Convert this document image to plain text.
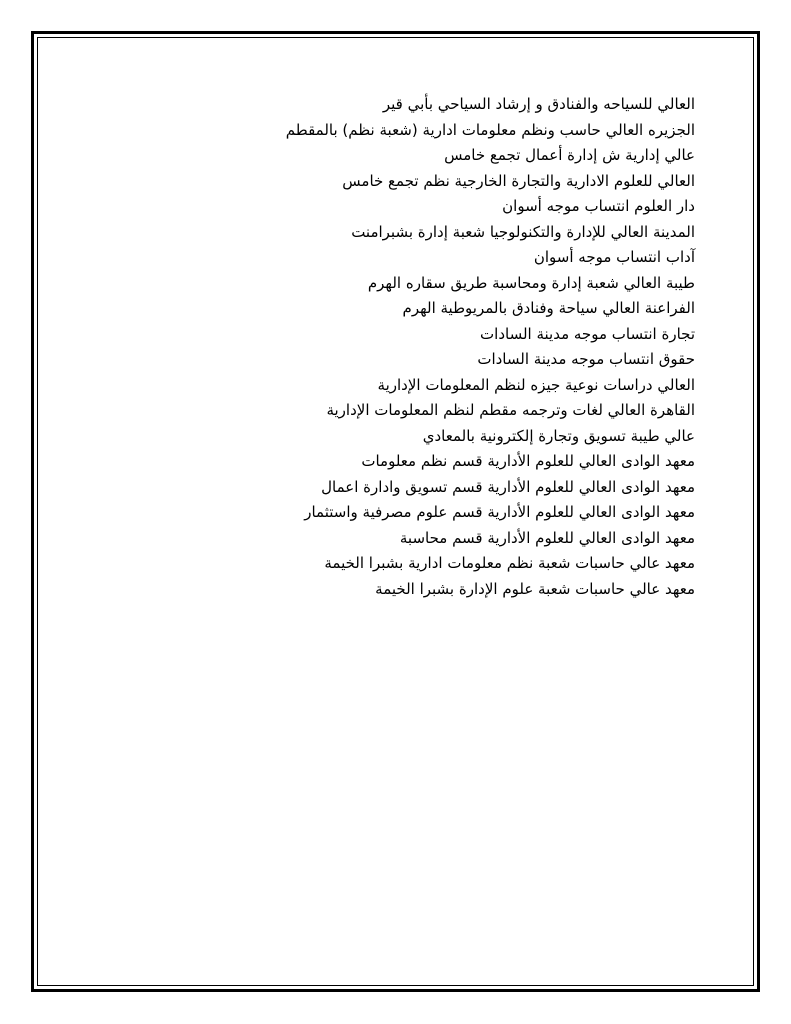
العالي للسياحه والفنادق و إرشاد السياحي بأبي قير

الجزيره العالي حاسب ونظم معلومات ادارية (شعبة نظم) بالمقطم

عالي إدارية ش إدارة أعمال تجمع خامس

العالي للعلوم الادارية والتجارة الخارجية نظم تجمع خامس

دار العلوم انتساب موجه أسوان

المدينة العالي للإدارة والتكنولوجيا شعبة إدارة بشبرامنت

آداب انتساب موجه أسوان

طيبة العالي شعبة إدارة ومحاسبة طريق سقاره الهرم

الفراعنة العالي سياحة وفنادق بالمريوطية الهرم

تجارة انتساب موجه مدينة السادات

حقوق انتساب موجه مدينة السادات

العالي دراسات نوعية جيزه لنظم المعلومات الإدارية

القاهرة العالي لغات وترجمه مقطم لنظم المعلومات الإدارية

عالي طيبة تسويق وتجارة إلكترونية بالمعادي

معهد الوادى العالي للعلوم الأدارية قسم نظم معلومات

معهد الوادى العالي للعلوم الأدارية قسم تسويق وادارة اعمال

معهد الوادى العالي للعلوم الأدارية قسم علوم مصرفية واستثمار

معهد الوادى العالي للعلوم الأدارية قسم محاسبة

معهد عالي حاسبات شعبة نظم معلومات ادارية بشبرا الخيمة

معهد عالي حاسبات شعبة علوم الإدارة بشبرا الخيمة
